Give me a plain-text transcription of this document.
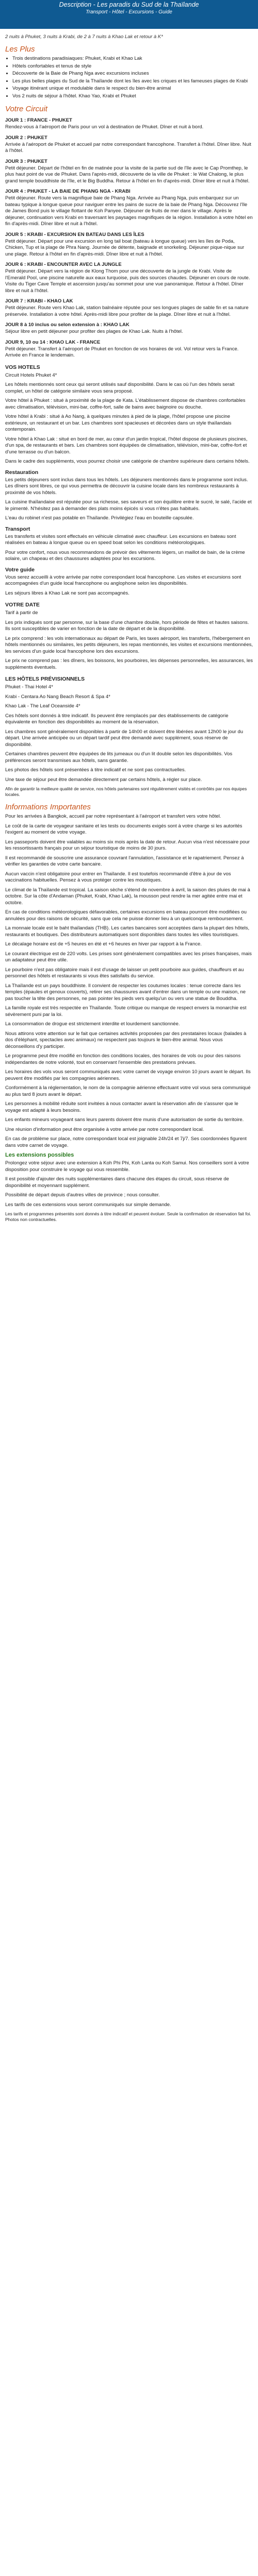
Description - Les paradis du Sud de la Thaïlande
Transport - Hôtel - Excursions - Guide
2 nuits à Phuket, 3 nuits à Krabi, de 2 à 7 nuits à Khao Lak et retour à K*
Les Plus
• Trois destinations paradisiaques: Phuket, Krabi et Khao Lak
• Hôtels confortables et tenus de style
• Découverte de la Baie de Phang Nga avec excursions incluses
• Les plus belles plages du Sud de la Thaïlande dont les îles avec les criques et les fameuses plages de Krabi
• Voyage itinérant unique et modulable dans le respect du bien-être animal
• Vos 2 nuits de séjour à l'hôtel. Khao Yao, Krabi et Phuket
Votre Circuit
JOUR 1 : FRANCE - PHUKET

Rendez-vous à l'aéroport de Paris pour un vol à destination de Phuket. Dîner et nuit à bord.

JOUR 2 : PHUKET

Arrivée à l'aéroport de Phuket et accueil par notre correspondant francophone. Transfert à l'hôtel. Dîner libre. Nuit à l'hôtel.

JOUR 3 : PHUKET

Petit déjeuner. Départ de l'hôtel en fin de matinée pour la visite de la partie sud de l'île avec le Cap Promthep, le plus haut point de vue de Phuket. Dans l'après-midi, découverte de la ville de Phuket : le Wat Chalong, le plus grand temple bouddhiste de l'île, et le Big Buddha. Retour à l'hôtel en fin d'après-midi. Dîner libre et nuit à l'hôtel.

JOUR 4 : PHUKET - LA BAIE DE PHANG NGA - KRABI

Petit déjeuner. Route vers la magnifique baie de Phang Nga. Arrivée au Phang Nga, puis embarquez sur un bateau typique à longue queue pour naviguer entre les pains de sucre de la baie de Phang Nga. Découvrez l'île de James Bond puis le village flottant de Koh Panyee. Déjeuner de fruits de mer dans le village. Après le déjeuner, continuation vers Krabi en traversant les paysages magnifiques de la région. Installation à votre hôtel en fin d'après-midi. Dîner libre et nuit à l'hôtel.

JOUR 5 : KRABI - EXCURSION EN BATEAU DANS LES ÎLES

Petit déjeuner. Départ pour une excursion en long tail boat (bateau à longue queue) vers les îles de Poda, Chicken, Tup et la plage de Phra Nang. Journée de détente, baignade et snorkeling. Déjeuner pique-nique sur une plage. Retour à l'hôtel en fin d'après-midi. Dîner libre et nuit à l'hôtel.

JOUR 6 : KRABI - ENCOUNTER AVEC LA JUNGLE

Petit déjeuner. Départ vers la région de Klong Thom pour une découverte de la jungle de Krabi. Visite de l'Emerald Pool, une piscine naturelle aux eaux turquoise, puis des sources chaudes. Déjeuner en cours de route. Visite du Tiger Cave Temple et ascension jusqu'au sommet pour une vue panoramique. Retour à l'hôtel. Dîner libre et nuit à l'hôtel.

JOUR 7 : KRABI - KHAO LAK

Petit déjeuner. Route vers Khao Lak, station balnéaire réputée pour ses longues plages de sable fin et sa nature préservée. Installation à votre hôtel. Après-midi libre pour profiter de la plage. Dîner libre et nuit à l'hôtel.

JOUR 8 à 10 inclus ou selon extension à : KHAO LAK

Séjour libre en petit déjeuner pour profiter des plages de Khao Lak. Nuits à l'hôtel.

JOUR 9, 10 ou 14 : KHAO LAK - FRANCE

Petit déjeuner. Transfert à l'aéroport de Phuket en fonction de vos horaires de vol. Vol retour vers la France. Arrivée en France le lendemain.

VOS HOTELS
Circuit Hotels Phuket 4*

Les hôtels mentionnés sont ceux qui seront utilisés sauf disponibilité. Dans le cas où l'un des hôtels serait complet, un hôtel de catégorie similaire vous sera proposé.

Votre hôtel à Phuket : situé à proximité de la plage de Kata. L'établissement dispose de chambres confortables avec climatisation, télévision, mini-bar, coffre-fort, salle de bains avec baignoire ou douche.

Votre hôtel à Krabi : situé à Ao Nang, à quelques minutes à pied de la plage, l'hôtel propose une piscine extérieure, un restaurant et un bar. Les chambres sont spacieuses et décorées dans un style thaïlandais contemporain.

Votre hôtel à Khao Lak : situé en bord de mer, au cœur d'un jardin tropical, l'hôtel dispose de plusieurs piscines, d'un spa, de restaurants et bars. Les chambres sont équipées de climatisation, télévision, mini-bar, coffre-fort et d'une terrasse ou d'un balcon.

Dans le cadre des suppléments, vous pourrez choisir une catégorie de chambre supérieure dans certains hôtels.

Restauration

Les petits déjeuners sont inclus dans tous les hôtels. Les déjeuners mentionnés dans le programme sont inclus. Les dîners sont libres, ce qui vous permettra de découvrir la cuisine locale dans les nombreux restaurants à proximité de vos hôtels.

La cuisine thaïlandaise est réputée pour sa richesse, ses saveurs et son équilibre entre le sucré, le salé, l'acide et le pimenté. N'hésitez pas à demander des plats moins épicés si vous n'êtes pas habitués.

L'eau du robinet n'est pas potable en Thaïlande. Privilégiez l'eau en bouteille capsulée.

Transport

Les transferts et visites sont effectués en véhicule climatisé avec chauffeur. Les excursions en bateau sont réalisées en bateau à longue queue ou en speed boat selon les conditions météorologiques.

Pour votre confort, nous vous recommandons de prévoir des vêtements légers, un maillot de bain, de la crème solaire, un chapeau et des chaussures adaptées pour les excursions.

Votre guide

Vous serez accueilli à votre arrivée par notre correspondant local francophone. Les visites et excursions sont accompagnées d'un guide local francophone ou anglophone selon les disponibilités.

Les séjours libres à Khao Lak ne sont pas accompagnés.

VOTRE DATE
Tarif à partir de

Les prix indiqués sont par personne, sur la base d'une chambre double, hors période de fêtes et hautes saisons. Ils sont susceptibles de varier en fonction de la date de départ et de la disponibilité.

Le prix comprend : les vols internationaux au départ de Paris, les taxes aéroport, les transferts, l'hébergement en hôtels mentionnés ou similaires, les petits déjeuners, les repas mentionnés, les visites et excursions mentionnées, les services d'un guide local francophone lors des excursions.

Le prix ne comprend pas : les dîners, les boissons, les pourboires, les dépenses personnelles, les assurances, les suppléments éventuels.

LES HÔTELS PRÉVISIONNELS
Phuket - Thai Hotel 4*
Krabi - Centara Ao Nang Beach Resort & Spa 4*
Khao Lak - The Leaf Oceanside 4*

Ces hôtels sont donnés à titre indicatif. Ils peuvent être remplacés par des établissements de catégorie équivalente en fonction des disponibilités au moment de la réservation.

Les chambres sont généralement disponibles à partir de 14h00 et doivent être libérées avant 12h00 le jour du départ. Une arrivée anticipée ou un départ tardif peut être demandé avec supplément, sous réserve de disponibilité.

Certaines chambres peuvent être équipées de lits jumeaux ou d'un lit double selon les disponibilités. Vos préférences seront transmises aux hôtels, sans garantie.

Les photos des hôtels sont présentées à titre indicatif et ne sont pas contractuelles.

Une taxe de séjour peut être demandée directement par certains hôtels, à régler sur place.

Afin de garantir la meilleure qualité de service, nos hôtels partenaires sont régulièrement visités et contrôlés par nos équipes locales.

Informations Importantes

Pour les arrivées à Bangkok, accueil par notre représentant à l'aéroport et transfert vers votre hôtel.

Le coût de la carte de voyageur sanitaire et les tests ou documents exigés sont à votre charge si les autorités l'exigent au moment de votre voyage.

Les passeports doivent être valables au moins six mois après la date de retour. Aucun visa n'est nécessaire pour les ressortissants français pour un séjour touristique de moins de 30 jours.

Il est recommandé de souscrire une assurance couvrant l'annulation, l'assistance et le rapatriement. Pensez à vérifier les garanties de votre carte bancaire.

Aucun vaccin n'est obligatoire pour entrer en Thaïlande. Il est toutefois recommandé d'être à jour de vos vaccinations habituelles. Pensez à vous protéger contre les moustiques.

Le climat de la Thaïlande est tropical. La saison sèche s'étend de novembre à avril, la saison des pluies de mai à octobre. Sur la côte d'Andaman (Phuket, Krabi, Khao Lak), la mousson peut rendre la mer agitée entre mai et octobre.

En cas de conditions météorologiques défavorables, certaines excursions en bateau pourront être modifiées ou annulées pour des raisons de sécurité, sans que cela ne puisse donner lieu à un quelconque remboursement.

La monnaie locale est le baht thaïlandais (THB). Les cartes bancaires sont acceptées dans la plupart des hôtels, restaurants et boutiques. Des distributeurs automatiques sont disponibles dans toutes les villes touristiques.

Le décalage horaire est de +5 heures en été et +6 heures en hiver par rapport à la France.

Le courant électrique est de 220 volts. Les prises sont généralement compatibles avec les prises françaises, mais un adaptateur peut être utile.

Le pourboire n'est pas obligatoire mais il est d'usage de laisser un petit pourboire aux guides, chauffeurs et au personnel des hôtels et restaurants si vous êtes satisfaits du service.

La Thaïlande est un pays bouddhiste. Il convient de respecter les coutumes locales : tenue correcte dans les temples (épaules et genoux couverts), retirer ses chaussures avant d'entrer dans un temple ou une maison, ne pas toucher la tête des personnes, ne pas pointer les pieds vers quelqu'un ou vers une statue de Bouddha.

La famille royale est très respectée en Thaïlande. Toute critique ou manque de respect envers la monarchie est sévèrement puni par la loi.

La consommation de drogue est strictement interdite et lourdement sanctionnée.

Nous attirons votre attention sur le fait que certaines activités proposées par des prestataires locaux (balades à dos d'éléphant, spectacles avec animaux) ne respectent pas toujours le bien-être animal. Nous vous déconseillons d'y participer.

Le programme peut être modifié en fonction des conditions locales, des horaires de vols ou pour des raisons indépendantes de notre volonté, tout en conservant l'ensemble des prestations prévues.

Les horaires des vols vous seront communiqués avec votre carnet de voyage environ 10 jours avant le départ. Ils peuvent être modifiés par les compagnies aériennes.

Conformément à la réglementation, le nom de la compagnie aérienne effectuant votre vol vous sera communiqué au plus tard 8 jours avant le départ.

Les personnes à mobilité réduite sont invitées à nous contacter avant la réservation afin de s'assurer que le voyage est adapté à leurs besoins.

Les enfants mineurs voyageant sans leurs parents doivent être munis d'une autorisation de sortie du territoire.

Une réunion d'information peut être organisée à votre arrivée par notre correspondant local.

En cas de problème sur place, notre correspondant local est joignable 24h/24 et 7j/7. Ses coordonnées figurent dans votre carnet de voyage.

Les extensions possibles

Prolongez votre séjour avec une extension à Koh Phi Phi, Koh Lanta ou Koh Samui. Nos conseillers sont à votre disposition pour construire le voyage qui vous ressemble.

Il est possible d'ajouter des nuits supplémentaires dans chacune des étapes du circuit, sous réserve de disponibilité et moyennant supplément.

Possibilité de départ depuis d'autres villes de province ; nous consulter.

Les tarifs de ces extensions vous seront communiqués sur simple demande.

Les tarifs et programmes présentés sont donnés à titre indicatif et peuvent évoluer. Seule la confirmation de réservation fait foi. Photos non contractuelles.
